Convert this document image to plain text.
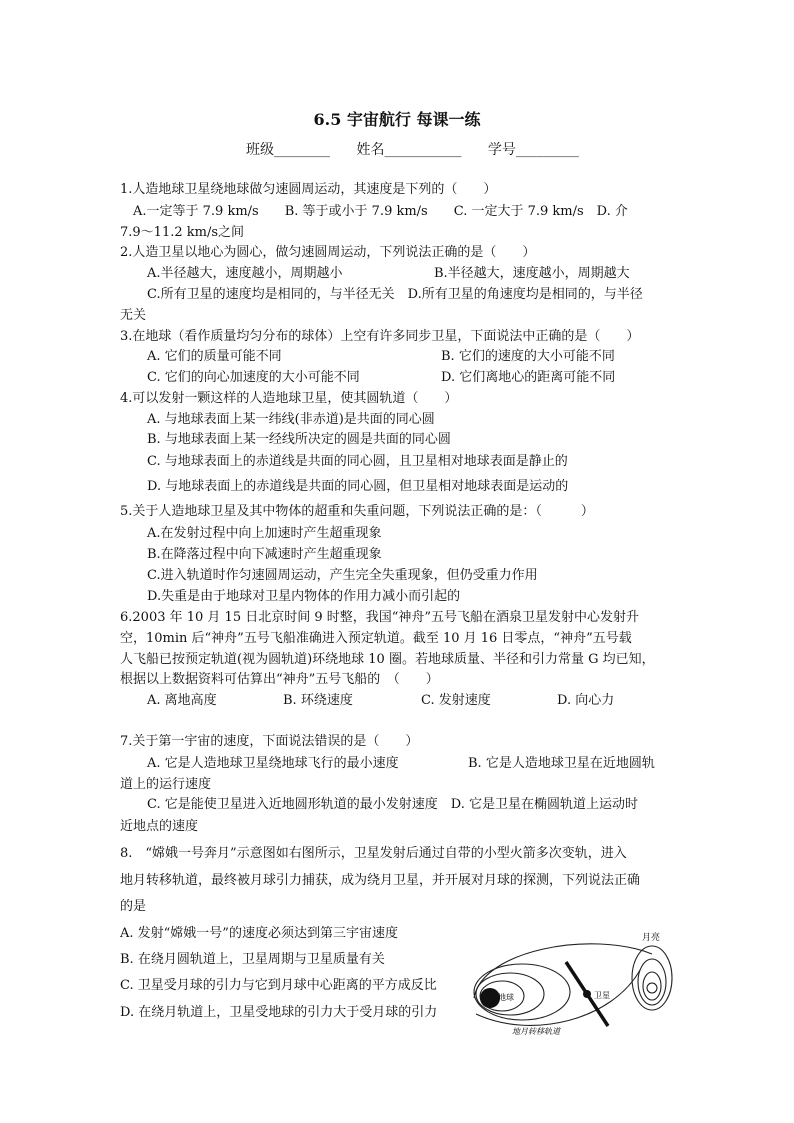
6.5 宇宙航行 每课一练
班级________ 姓名___________ 学号_________
1.人造地球卫星绕地球做匀速圆周运动，其速度是下列的（　　）
A.一定等于 7.9 km/s　　B. 等于或小于 7.9 km/s　　C. 一定大于 7.9 km/s　D. 介
7.9～11.2 km/s之间
2.人造卫星以地心为圆心，做匀速圆周运动，下列说法正确的是（　　）
A.半径越大，速度越小，周期越小	B.半径越大，速度越小，周期越大
C.所有卫星的速度均是相同的，与半径无关　D.所有卫星的角速度均是相同的，与半径
无关
3.在地球（看作质量均匀分布的球体）上空有许多同步卫星，下面说法中正确的是（　　）
A. 它们的质量可能不同	B. 它们的速度的大小可能不同
C. 它们的向心加速度的大小可能不同	D. 它们离地心的距离可能不同
4.可以发射一颗这样的人造地球卫星，使其圆轨道（　　）
A. 与地球表面上某一纬线(非赤道)是共面的同心圆
B. 与地球表面上某一经线所决定的圆是共面的同心圆
C. 与地球表面上的赤道线是共面的同心圆，且卫星相对地球表面是静止的
D. 与地球表面上的赤道线是共面的同心圆，但卫星相对地球表面是运动的
5.关于人造地球卫星及其中物体的超重和失重问题，下列说法正确的是：（　　　）
A.在发射过程中向上加速时产生超重现象
B.在降落过程中向下减速时产生超重现象
C.进入轨道时作匀速圆周运动，产生完全失重现象，但仍受重力作用
D.失重是由于地球对卫星内物体的作用力减小而引起的
6.2003 年 10 月 15 日北京时间 9 时整，我国“神舟”五号飞船在酒泉卫星发射中心发射升
空，10min 后“神舟”五号飞船准确进入预定轨道。截至 10 月 16 日零点，“神舟”五号载
人飞船已按预定轨道(视为圆轨道)环绕地球 10 圈。若地球质量、半径和引力常量 G 均已知，
根据以上数据资料可估算出“神舟”五号飞船的　（　　）
A. 离地高度	B. 环绕速度	C. 发射速度	D. 向心力
7.关于第一宇宙的速度，下面说法错误的是（　　）
A. 它是人造地球卫星绕地球飞行的最小速度	B. 它是人造地球卫星在近地圆轨
道上的运行速度
C. 它是能使卫星进入近地圆形轨道的最小发射速度　D. 它是卫星在椭圆轨道上运动时
近地点的速度
8.　“嫦娥一号奔月”示意图如右图所示，卫星发射后通过自带的小型火箭多次变轨，进入
地月转移轨道，最终被月球引力捕获，成为绕月卫星，并开展对月球的探测，下列说法正确
的是
A. 发射“嫦娥一号”的速度必须达到第三宇宙速度
B. 在绕月圆轨道上，卫星周期与卫星质量有关
C. 卫星受月球的引力与它到月球中心距离的平方成反比
D. 在绕月轨道上，卫星受地球的引力大于受月球的引力
月亮
地球	卫星
地月转移轨道
